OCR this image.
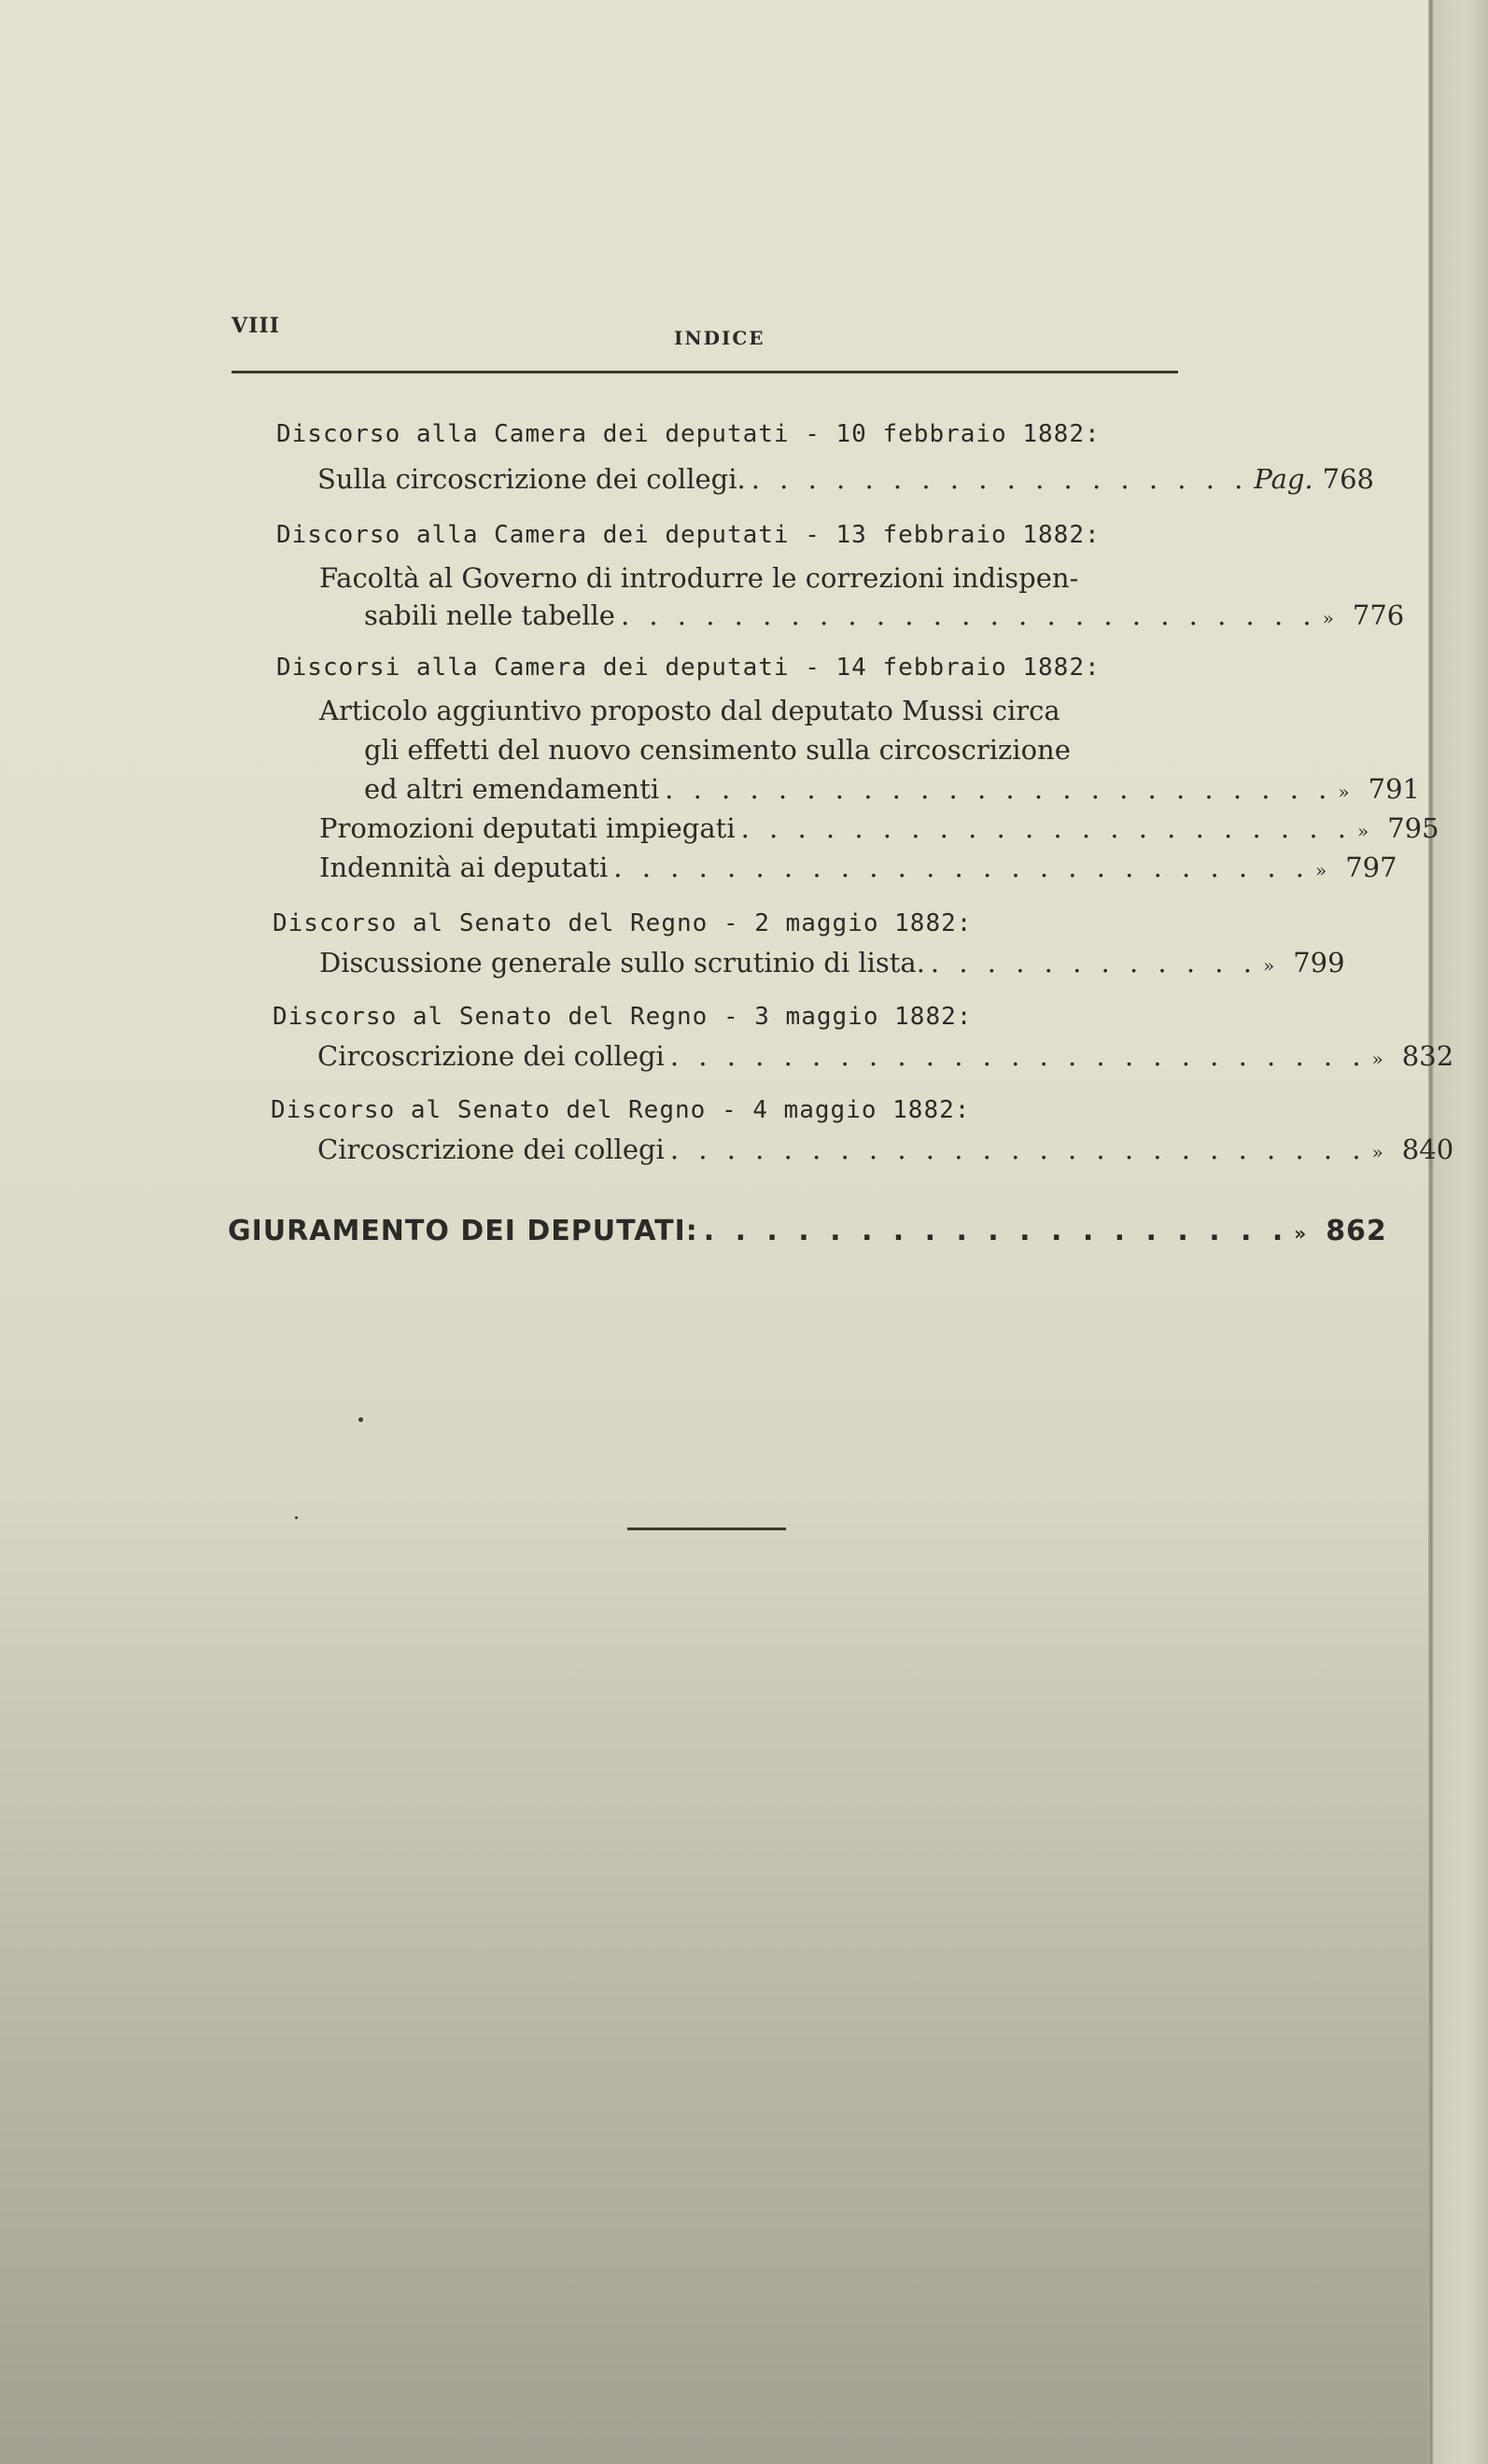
VIII	INDICE
Discorso alla Camera dei deputati - 10 febbraio 1882:
Sulla circoscrizione dei collegi. . . . . . . . . . . . . . . . . . . Pag. 768
Discorso alla Camera dei deputati - 13 febbraio 1882:
Facoltà al Governo di introdurre le correzioni indispen-
sabili nelle tabelle . . . . . . . . . . . . . . . . . . . . . . . . . » 776
Discorsi alla Camera dei deputati - 14 febbraio 1882:
Articolo aggiuntivo proposto dal deputato Mussi circa
gli effetti del nuovo censimento sulla circoscrizione
ed altri emendamenti . . . . . . . . . . . . . . . . . . . . . . . . » 791
Promozioni deputati impiegati . . . . . . . . . . . . . . . . . . . . . . » 795
Indennità ai deputati . . . . . . . . . . . . . . . . . . . . . . . . . » 797
Discorso al Senato del Regno - 2 maggio 1882:
Discussione generale sullo scrutinio di lista. . . . . . . . . . . . . » 799
Discorso al Senato del Regno - 3 maggio 1882:
Circoscrizione dei collegi . . . . . . . . . . . . . . . . . . . . . . . . . » 832
Discorso al Senato del Regno - 4 maggio 1882:
Circoscrizione dei collegi . . . . . . . . . . . . . . . . . . . . . . . . . » 840
GIURAMENTO DEI DEPUTATI: . . . . . . . . . . . . . . . . . . . » 862
